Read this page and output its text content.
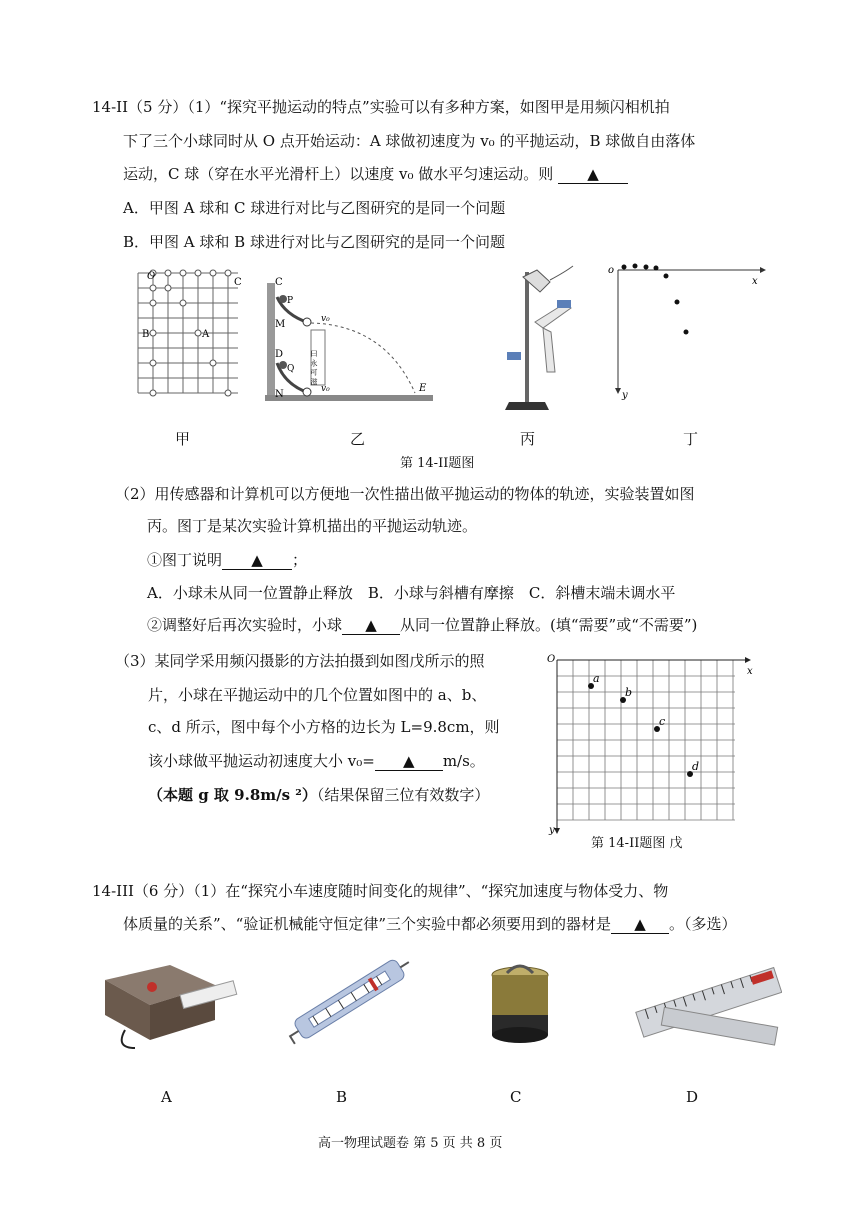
14-II（5 分）（1）“探究平抛运动的特点”实验可以有多种方案，如图甲是用频闪相机拍
下了三个小球同时从 O 点开始运动：A 球做初速度为 v₀ 的平抛运动，B 球做自由落体
运动，C 球（穿在水平光滑杆上）以速度 v₀ 做水平匀速运动。则 ▲
A．甲图 A 球和 C 球进行对比与乙图研究的是同一个问题
B．甲图 A 球和 B 球进行对比与乙图研究的是同一个问题
O
C
B	A
C
P
M
D
Q
N
v₀
v₀	E
曰 永 可 滋
o
x
y
甲	乙	丙	丁
第 14-II题图
（2）用传感器和计算机可以方便地一次性描出做平抛运动的物体的轨迹，实验装置如图
丙。图丁是某次实验计算机描出的平抛运动轨迹。
①图丁说明 ▲ ；
A．小球未从同一位置静止释放　B．小球与斜槽有摩擦　C．斜槽末端未调水平
②调整好后再次实验时，小球 ▲ 从同一位置静止释放。(填“需要”或“不需要”)
（3）某同学采用频闪摄影的方法拍摄到如图戊所示的照
片，小球在平抛运动中的几个位置如图中的 a、b、
c、d 所示，图中每个小方格的边长为 L=9.8cm，则
该小球做平抛运动初速度大小 v₀= ▲ m/s。
（本题 g 取 9.8m/s ²）（结果保留三位有效数字）
O
x
y
a
b
c
d
第 14-II题图 戊
14-III（6 分）（1）在“探究小车速度随时间变化的规律”、“探究加速度与物体受力、物
体质量的关系”、“验证机械能守恒定律”三个实验中都必须要用到的器材是 ▲ 。（多选）
A	B	C	D
高一物理试题卷 第 5 页 共 8 页
